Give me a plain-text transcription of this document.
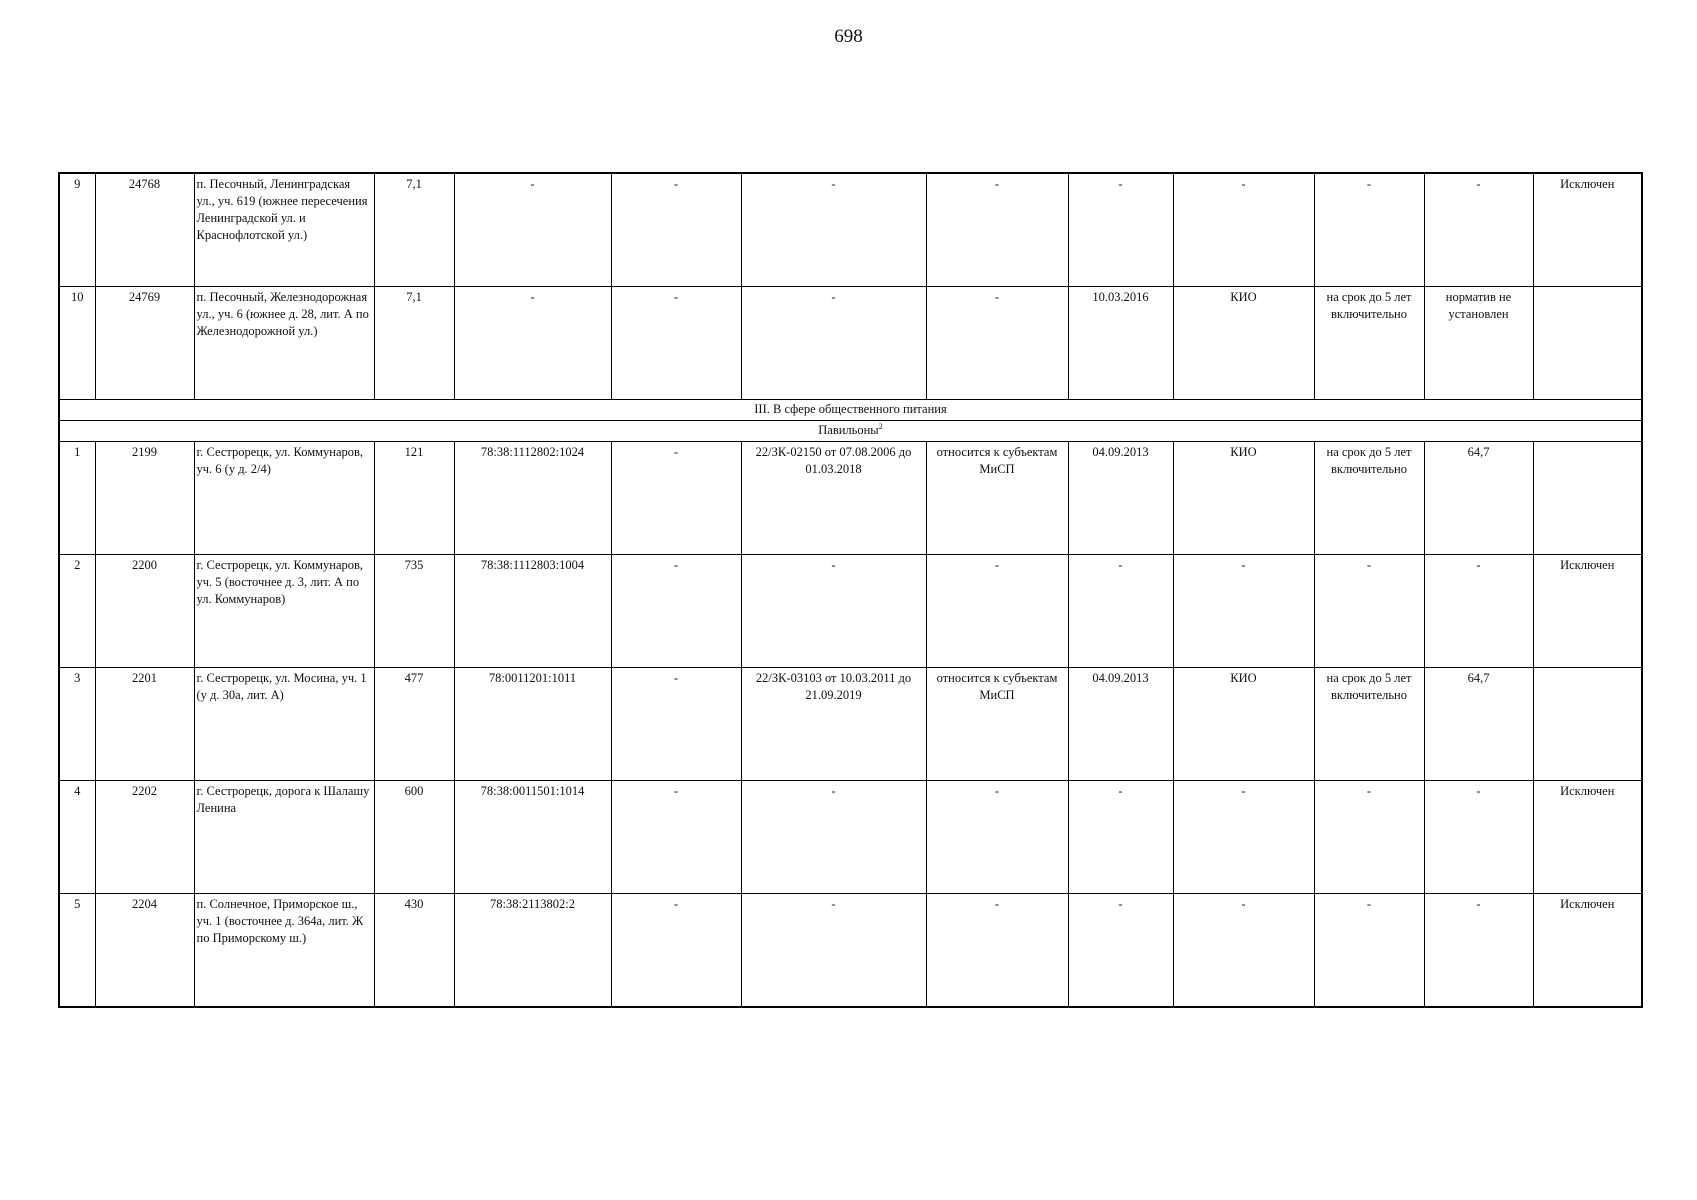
698
9	24768	п. Песочный, Ленинградская ул., уч. 619 (южнее пересечения Ленинградской ул. и Краснофлотской ул.)	7,1	-	-	-	-	-	-	-	-	Исключен
10	24769	п. Песочный, Железнодорожная ул., уч. 6 (южнее д. 28, лит. А по Железнодорожной ул.)	7,1	-	-	-	-	10.03.2016	КИО	на срок до 5 лет включительно	норматив не установлен	
III. В сфере общественного питания												
Павильоны$^2$
1	2199	г. Сестрорецк, ул. Коммунаров, уч. 6 (у д. 2/4)	121	78:38:1112802:1024	-	22/ЗК-02150 от 07.08.2006 до 01.03.2018	относится к субъектам МиСП	04.09.2013	КИО	на срок до 5 лет включительно	64,7	
2	2200	г. Сестрорецк, ул. Коммунаров, уч. 5 (восточнее д. 3, лит. А по ул. Коммунаров)	735	78:38:1112803:1004	-	-	-	-	-	-	-	Исключен
3	2201	г. Сестрорецк, ул. Мосина, уч. 1 (у д. 30а, лит. А)	477	78:0011201:1011	-	22/ЗК-03103 от 10.03.2011 до 21.09.2019	относится к субъектам МиСП	04.09.2013	КИО	на срок до 5 лет включительно	64,7	
4	2202	г. Сестрорецк, дорога к Шалашу Ленина	600	78:38:0011501:1014	-	-	-	-	-	-	-	Исключен
5	2204	п. Солнечное, Приморское ш., уч. 1 (восточнее д. 364а, лит. Ж по Приморскому ш.)	430	78:38:2113802:2	-	-	-	-	-	-	-	Исключен
